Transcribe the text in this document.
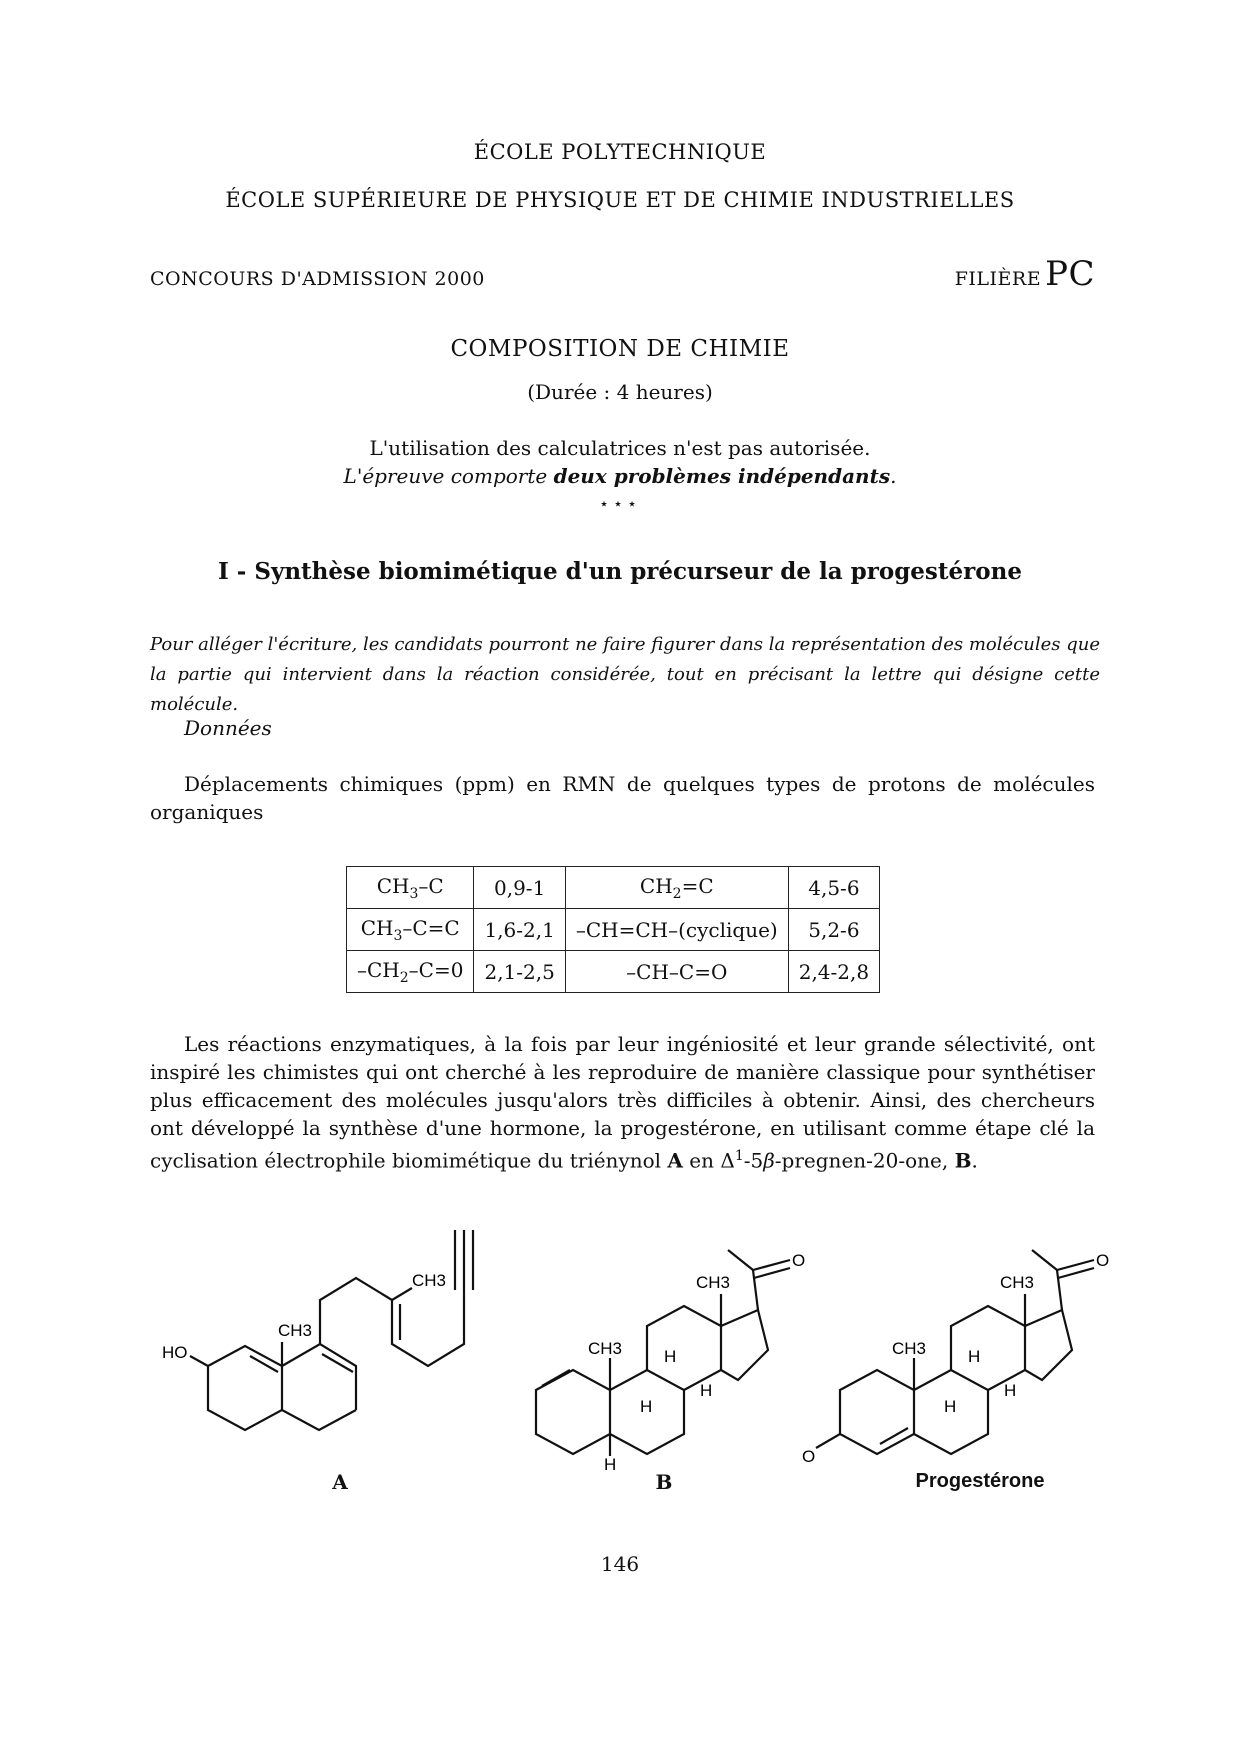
ÉCOLE POLYTECHNIQUE
ÉCOLE SUPÉRIEURE DE PHYSIQUE ET DE CHIMIE INDUSTRIELLES
CONCOURS D'ADMISSION 2000	FILIÈRE PC
COMPOSITION DE CHIMIE
(Durée : 4 heures)
L'utilisation des calculatrices n'est pas autorisée.
L'épreuve comporte deux problèmes indépendants.
⋆⋆⋆
I - Synthèse biomimétique d'un précurseur de la progestérone
Pour alléger l'écriture, les candidats pourront ne faire figurer dans la représentation des molécules que la partie qui intervient dans la réaction considérée, tout en précisant la lettre qui désigne cette molécule.
Données
Déplacements chimiques (ppm) en RMN de quelques types de protons de molécules organiques
$CH_3-C$	0,9-1	$CH_2=C$	4,5-6
$CH_3-C=C$	1,6-2,1	–CH=CH–(cyclique)	5,2-6
$-CH_2-C=0$	2,1-2,5	–CH–C=O	2,4-2,8
Les réactions enzymatiques, à la fois par leur ingéniosité et leur grande sélectivité, ont inspiré les chimistes qui ont cherché à les reproduire de manière classique pour synthétiser plus efficacement des molécules jusqu'alors très difficiles à obtenir. Ainsi, des chercheurs ont développé la synthèse d'une hormone, la progestérone, en utilisant comme étape clé la cyclisation électrophile biomimétique du triénynol A en $\Delta^1-5\beta-pregnen-20$-one, B.
HO
CH3
CH3
CH3
CH3
H
H
H
H
O
O
O
CH3
CH3
H
H
H
A	B	Progestérone
146
